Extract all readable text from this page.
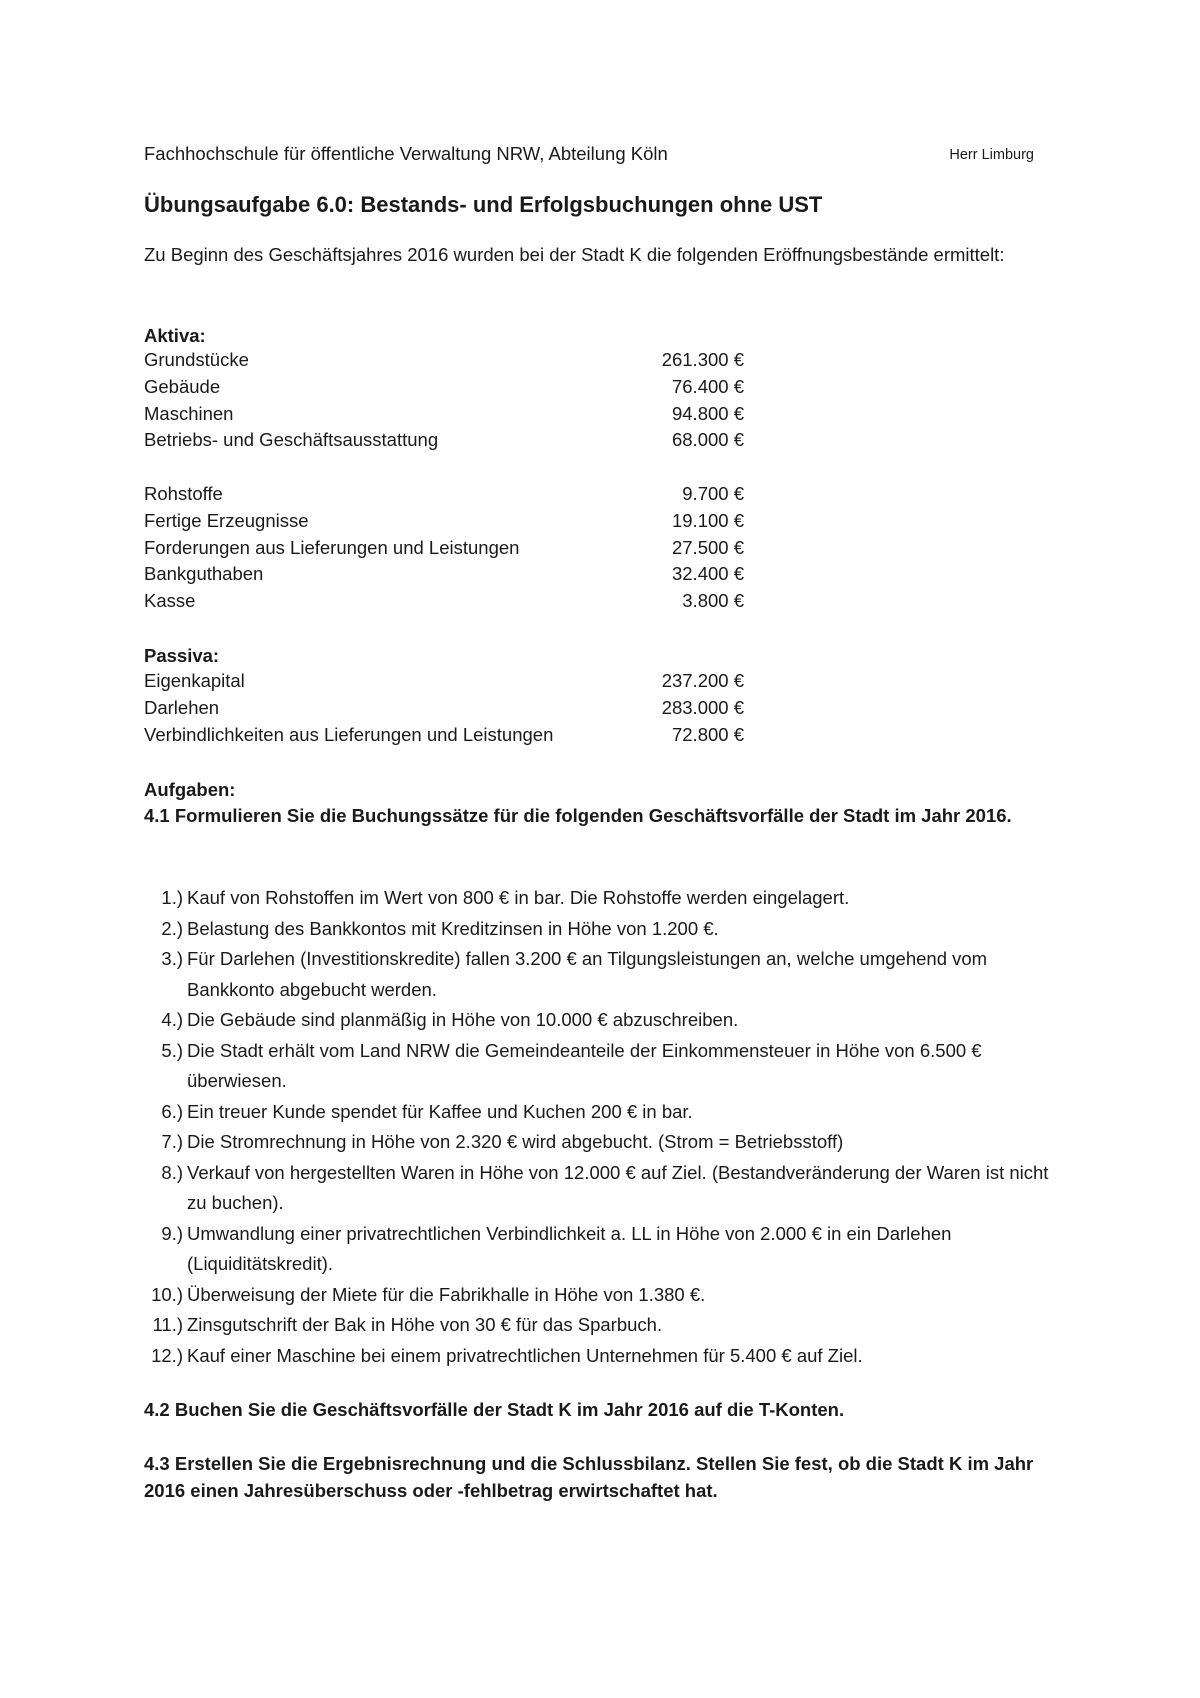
Fachhochschule für öffentliche Verwaltung NRW, Abteilung Köln	Herr Limburg
Übungsaufgabe 6.0: Bestands- und Erfolgsbuchungen ohne UST
Zu Beginn des Geschäftsjahres 2016 wurden bei der Stadt K die folgenden Eröffnungsbestände ermittelt:
Aktiva:
Grundstücke	261.300 €
Gebäude	76.400 €
Maschinen	94.800 €
Betriebs- und Geschäftsausstattung	68.000 €
Rohstoffe	9.700 €
Fertige Erzeugnisse	19.100 €
Forderungen aus Lieferungen und Leistungen	27.500 €
Bankguthaben	32.400 €
Kasse	3.800 €
Passiva:
Eigenkapital	237.200 €
Darlehen	283.000 €
Verbindlichkeiten aus Lieferungen und Leistungen	72.800 €
Aufgaben:
4.1 Formulieren Sie die Buchungssätze für die folgenden Geschäftsvorfälle der Stadt im Jahr 2016.
1.) Kauf von Rohstoffen im Wert von 800 € in bar. Die Rohstoffe werden eingelagert.
2.) Belastung des Bankkontos mit Kreditzinsen in Höhe von 1.200 €.
3.) Für Darlehen (Investitionskredite) fallen 3.200 € an Tilgungsleistungen an, welche umgehend vom Bankkonto abgebucht werden.
4.) Die Gebäude sind planmäßig in Höhe von 10.000 € abzuschreiben.
5.) Die Stadt erhält vom Land NRW die Gemeindeanteile der Einkommensteuer in Höhe von 6.500 € überwiesen.
6.) Ein treuer Kunde spendet für Kaffee und Kuchen 200 € in bar.
7.) Die Stromrechnung in Höhe von 2.320 € wird abgebucht. (Strom = Betriebsstoff)
8.) Verkauf von hergestellten Waren in Höhe von 12.000 € auf Ziel. (Bestandveränderung der Waren ist nicht zu buchen).
9.) Umwandlung einer privatrechtlichen Verbindlichkeit a. LL in Höhe von 2.000 € in ein Darlehen (Liquiditätskredit).
10.) Überweisung der Miete für die Fabrikhalle in Höhe von 1.380 €.
11.) Zinsgutschrift der Bak in Höhe von 30 € für das Sparbuch.
12.) Kauf einer Maschine bei einem privatrechtlichen Unternehmen für 5.400 € auf Ziel.
4.2 Buchen Sie die Geschäftsvorfälle der Stadt K im Jahr 2016 auf die T-Konten.
4.3 Erstellen Sie die Ergebnisrechnung und die Schlussbilanz. Stellen Sie fest, ob die Stadt K im Jahr 2016 einen Jahresüberschuss oder -fehlbetrag erwirtschaftet hat.
